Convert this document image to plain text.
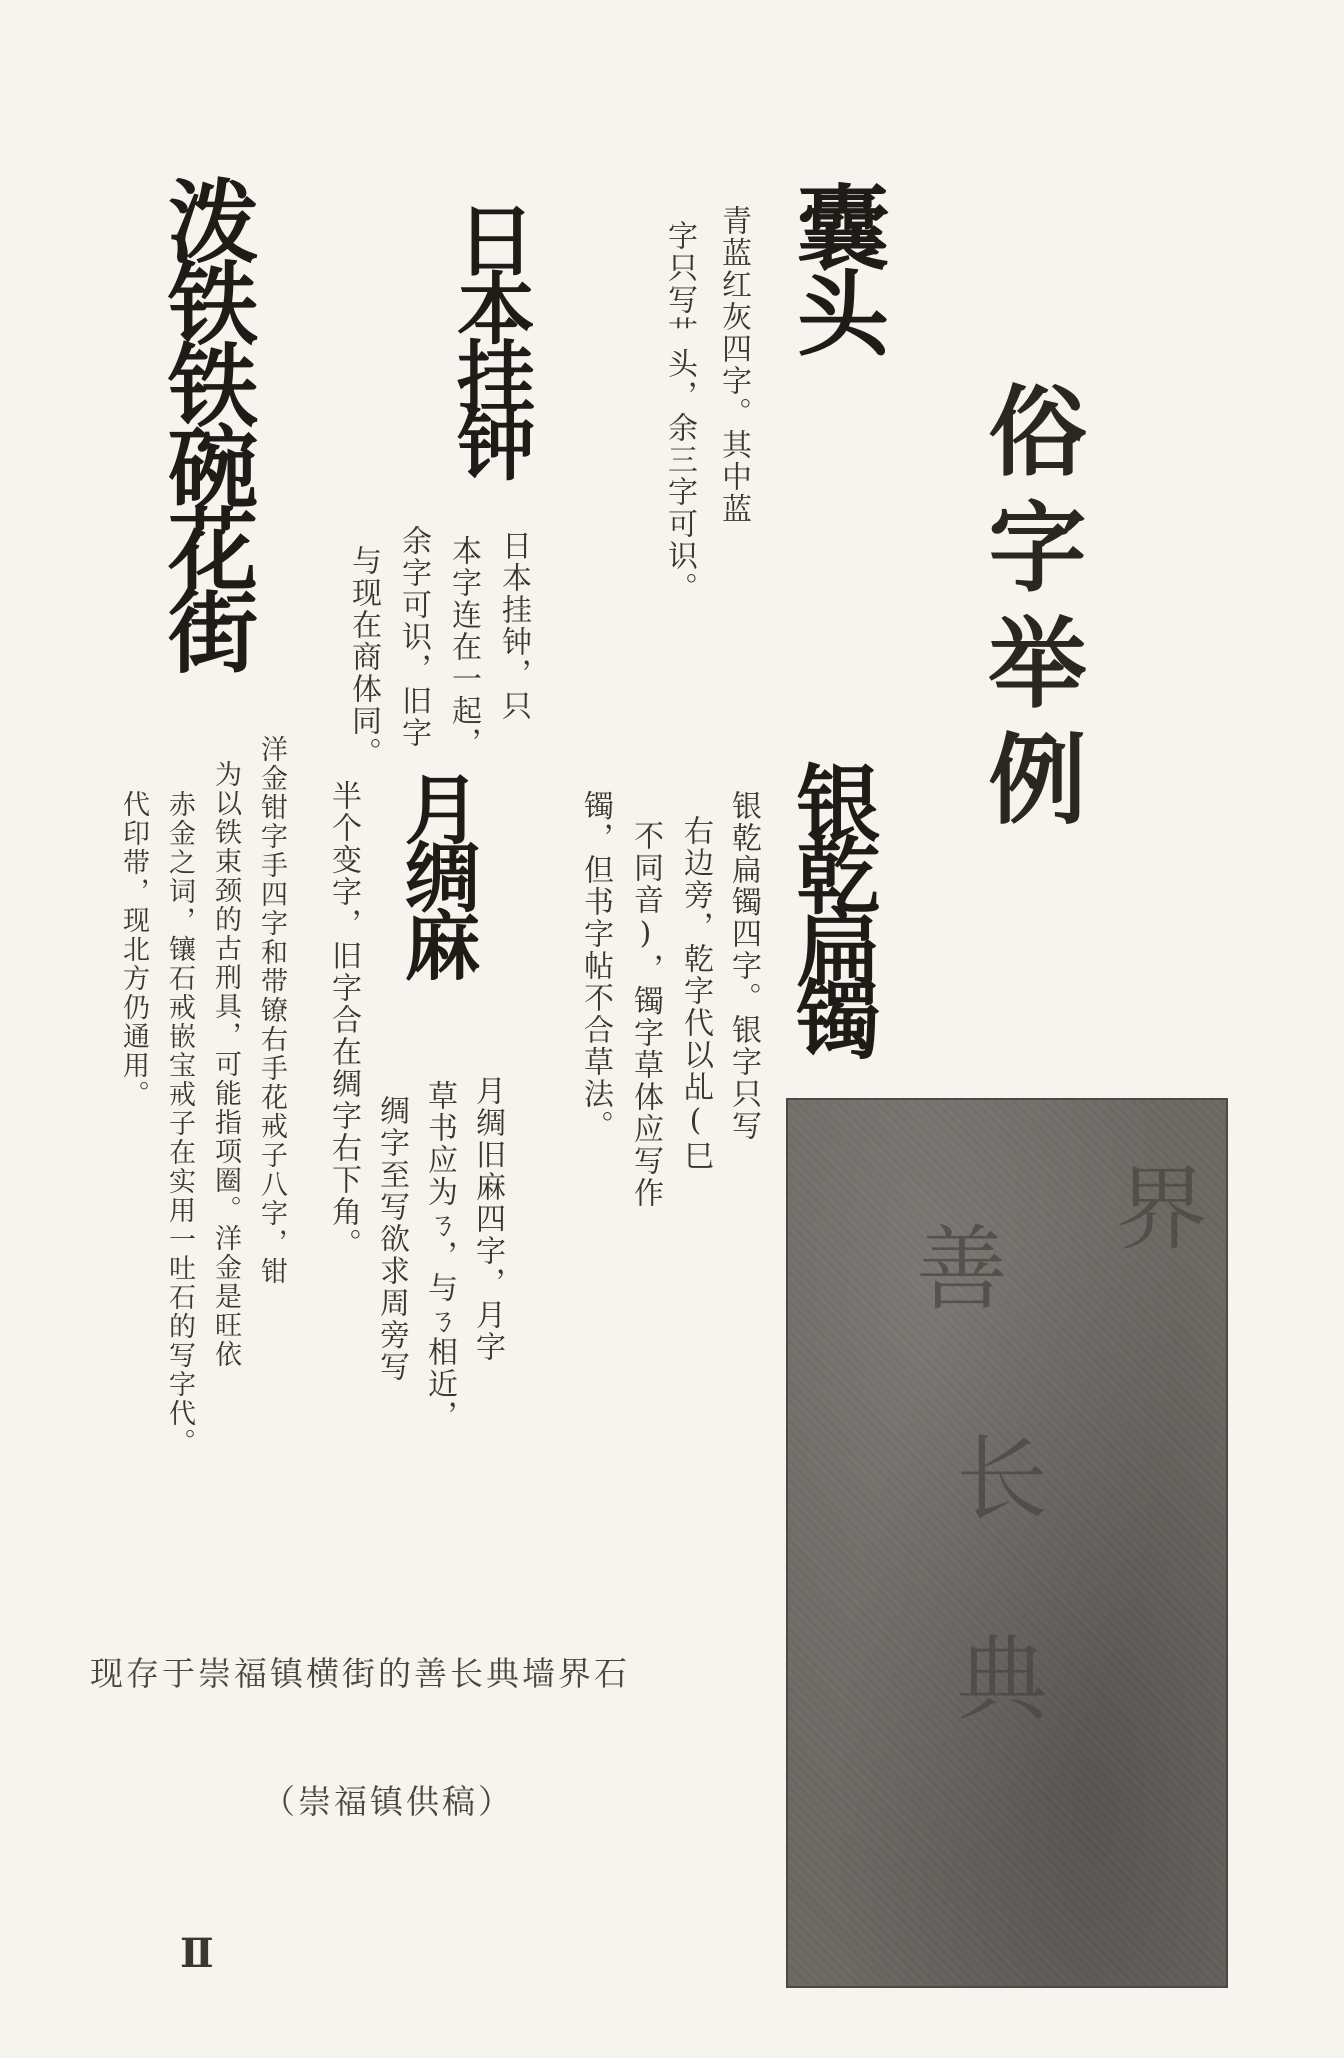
俗字举例
囊头
青蓝红灰四字。其中蓝
字只写艹头，余三字可识。
日本挂钟
日本挂钟，只
本字连在一起，
余字可识，旧字
与现在商体同。
泼铁铁碗花街
洋金钳字手四字和带镣右手花戒子八字，钳
为以铁束颈的古刑具，可能指项圈。洋金是旺依
赤金之词，镶石戒嵌宝戒子在实用一吐石的写字代。
代印带，现北方仍通用。	月绸麻
月绸旧麻四字，月字
草书应为ㄋ，与ㄋ相近，
绸字至写欲求周旁写
半个变字，旧字合在绸字右下角。	银乾扁镯
银乾扁镯四字。银字只写
右边旁，乾字代以乩(巳
不同音)，镯字草体应写作
镯，但书字帖不合草法。
界
善
长
典
现存于崇福镇横街的善长典墙界石
（崇福镇供稿）
Ⅱ
